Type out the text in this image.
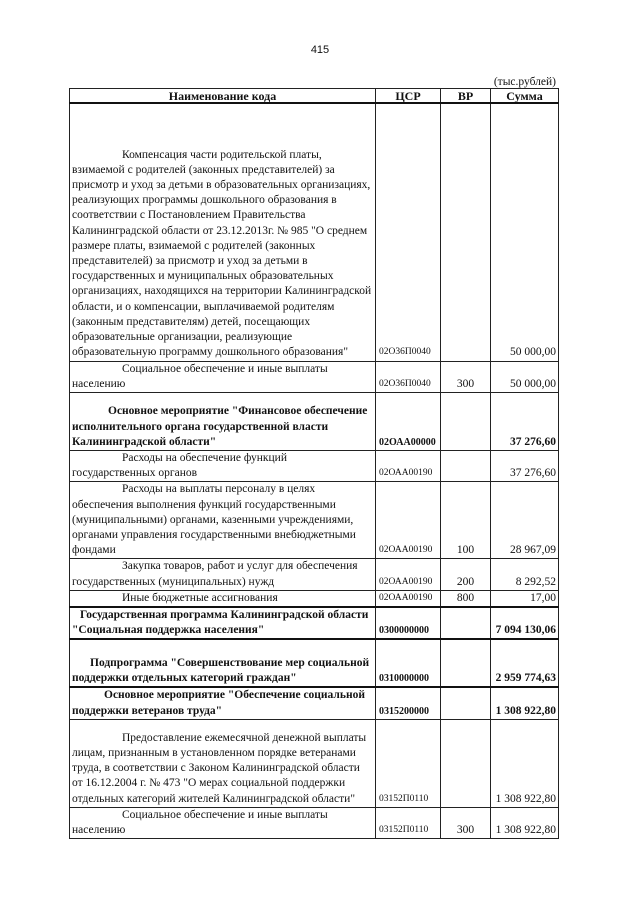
415
(тыс.рублей)
Наименование кода	ЦСР	ВР	Сумма

Компенсация части родительской платы, взимаемой с родителей (законных представителей) за присмотр и уход за детьми в образовательных организациях, реализующих программы дошкольного образования в соответствии с Постановлением Правительства Калининградской области от 23.12.2013г. № 985 "О среднем размере платы, взимаемой с родителей (законных представителей) за присмотр и уход за детьми в государственных и муниципальных образовательных организациях, находящихся на территории Калининградской области, и о компенсации, выплачиваемой родителям (законным представителям) детей, посещающих образовательные организации, реализующие образовательную программу дошкольного образования"	02О36П0040		50 000,00

Социальное обеспечение и иные выплаты населению	02О36П0040	300	50 000,00

Основное мероприятие "Финансовое обеспечение исполнительного органа государственной власти Калининградской области"	02ОАА00000		37 276,60

Расходы на обеспечение функций государственных органов	02ОАА00190		37 276,60

Расходы на выплаты персоналу в целях обеспечения выполнения функций государственными (муниципальными) органами, казенными учреждениями, органами управления государственными внебюджетными фондами	02ОАА00190	100	28 967,09

Закупка товаров, работ и услуг для обеспечения государственных (муниципальных) нужд	02ОАА00190	200	8 292,52

Иные бюджетные ассигнования	02ОАА00190	800	17,00

Государственная программа Калининградской области "Социальная поддержка населения"	0300000000		7 094 130,06

Подпрограмма "Совершенствование мер социальной поддержки отдельных категорий граждан"	0310000000		2 959 774,63

Основное мероприятие "Обеспечение социальной поддержки ветеранов труда"	0315200000		1 308 922,80

Предоставление ежемесячной денежной выплаты лицам, признанным в установленном порядке ветеранами труда, в соответствии с Законом Калининградской области от 16.12.2004 г. № 473 "О мерах социальной поддержки отдельных категорий жителей Калининградской области"	03152П0110		1 308 922,80

Социальное обеспечение и иные выплаты населению	03152П0110	300	1 308 922,80
